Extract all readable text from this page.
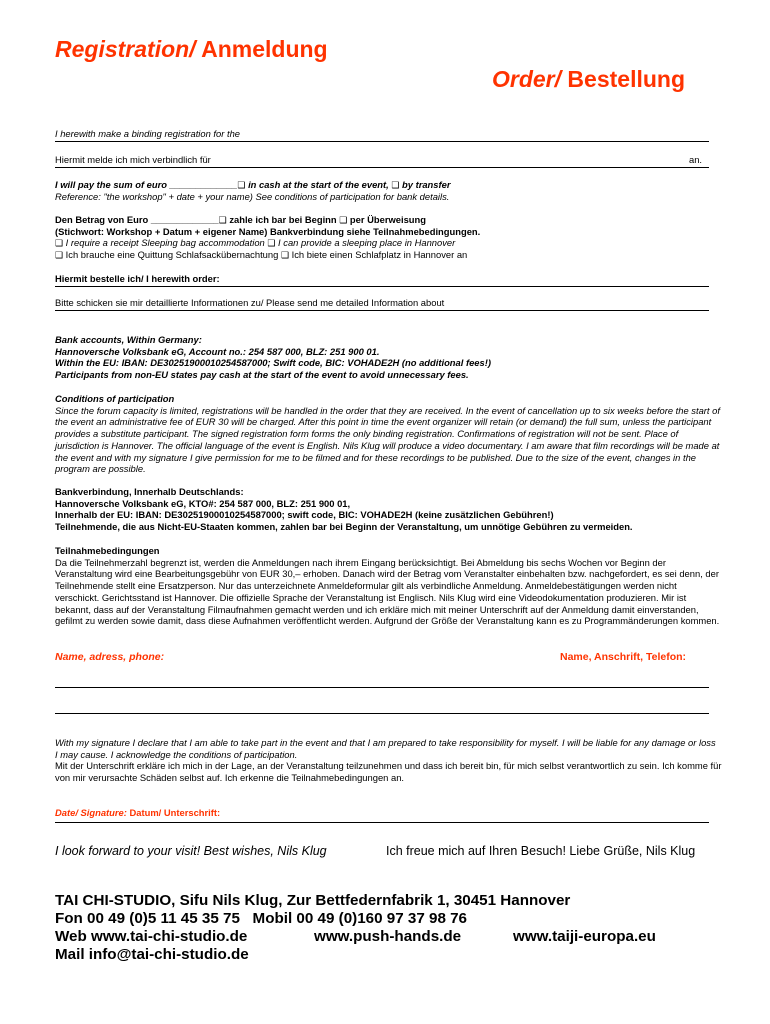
Registration/ Anmeldung
Order/ Bestellung
I herewith make a binding registration for the
Hiermit melde ich mich verbindlich für	an.
I will pay the sum of euro _____________❑ in cash at the start of the event, ❑ by transfer
Reference: "the workshop" + date + your name) See conditions of participation for bank details.
Den Betrag von Euro _____________❑ zahle ich bar bei Beginn ❑ per Überweisung
(Stichwort: Workshop + Datum + eigener Name) Bankverbindung siehe Teilnahmebedingungen.
❑ I require a receipt Sleeping bag accommodation ❑ I can provide a sleeping place in Hannover
❑ Ich brauche eine Quittung Schlafsackübernachtung ❑ Ich biete einen Schlafplatz in Hannover an
Hiermit bestelle ich/ I herewith order:
Bitte schicken sie mir detaillierte Informationen zu/ Please send me detailed Information about

Bank accounts, Within Germany:

Hannoversche Volksbank eG, Account no.: 254 587 000, BLZ: 251 900 01.

Within the EU: IBAN: DE30251900010254587000; Swift code, BIC: VOHADE2H (no additional fees!)

Participants from non-EU states pay cash at the start of the event to avoid unnecessary fees.

Conditions of participation

Since the forum capacity is limited, registrations will be handled in the order that they are received. In the event of cancellation up to six weeks before the start of the event an administrative fee of EUR 30 will be charged. After this point in time the event organizer will retain (or demand) the full sum, unless the participant provides a substitute participant. The signed registration form forms the only binding registration. Confirmations of registration will not be sent. Place of jurisdiction is Hannover. The official language of the event is English. Nils Klug will produce a video documentary. I am aware that film recordings will be made at the event and with my signature I give permission for me to be filmed and for these recordings to be published. Due to the size of the event, changes in the program are possible.

Bankverbindung, Innerhalb Deutschlands:

Hannoversche Volksbank eG, KTO#: 254 587 000, BLZ: 251 900 01,

Innerhalb der EU: IBAN: DE30251900010254587000; swift code, BIC: VOHADE2H (keine zusätzlichen Gebühren!)

Teilnehmende, die aus Nicht-EU-Staaten kommen, zahlen bar bei Beginn der Veranstaltung, um unnötige Gebühren zu vermeiden.

Teilnahmebedingungen

Da die Teilnehmerzahl begrenzt ist, werden die Anmeldungen nach ihrem Eingang berücksichtigt. Bei Abmeldung bis sechs Wochen vor Beginn der Veranstaltung wird eine Bearbeitungsgebühr von EUR 30,– erhoben. Danach wird der Betrag vom Veranstalter einbehalten bzw. nachgefordert, es sei denn, der Teilnehmende stellt eine Ersatzperson. Nur das unterzeichnete Anmeldeformular gilt als verbindliche Anmeldung. Anmeldebestätigungen werden nicht verschickt. Gerichtsstand ist Hannover. Die offizielle Sprache der Veranstaltung ist Englisch. Nils Klug wird eine Videodokumentation produzieren. Mir ist bekannt, dass auf der Veranstaltung Filmaufnahmen gemacht werden und ich erkläre mich mit meiner Unterschrift auf der Anmeldung damit einverstanden, gefilmt zu werden sowie damit, dass diese Aufnahmen veröffentlicht werden. Aufgrund der Größe der Veranstaltung kann es zu Programmänderungen kommen.

Name, adress, phone:	Name, Anschrift, Telefon:
With my signature I declare that I am able to take part in the event and that I am prepared to take responsibility for myself. I will be liable for any damage or loss I may cause. I acknowledge the conditions of participation.
Mit der Unterschrift erkläre ich mich in der Lage, an der Veranstaltung teilzunehmen und dass ich bereit bin, für mich selbst verantwortlich zu sein. Ich komme für von mir verursachte Schäden selbst auf. Ich erkenne die Teilnahmebedingungen an.
Date/ Signature: Datum/ Unterschrift:
I look forward to your visit! Best wishes, Nils Klug	Ich freue mich auf Ihren Besuch! Liebe Grüße, Nils Klug
TAI CHI-STUDIO, Sifu Nils Klug, Zur Bettfedernfabrik 1, 30451 Hannover
Fon 00 49 (0)5 11 45 35 75   Mobil 00 49 (0)160 97 37 98 76
Web www.tai-chi-studio.de	www.push-hands.de	www.taiji-europa.eu
Mail info@tai-chi-studio.de
